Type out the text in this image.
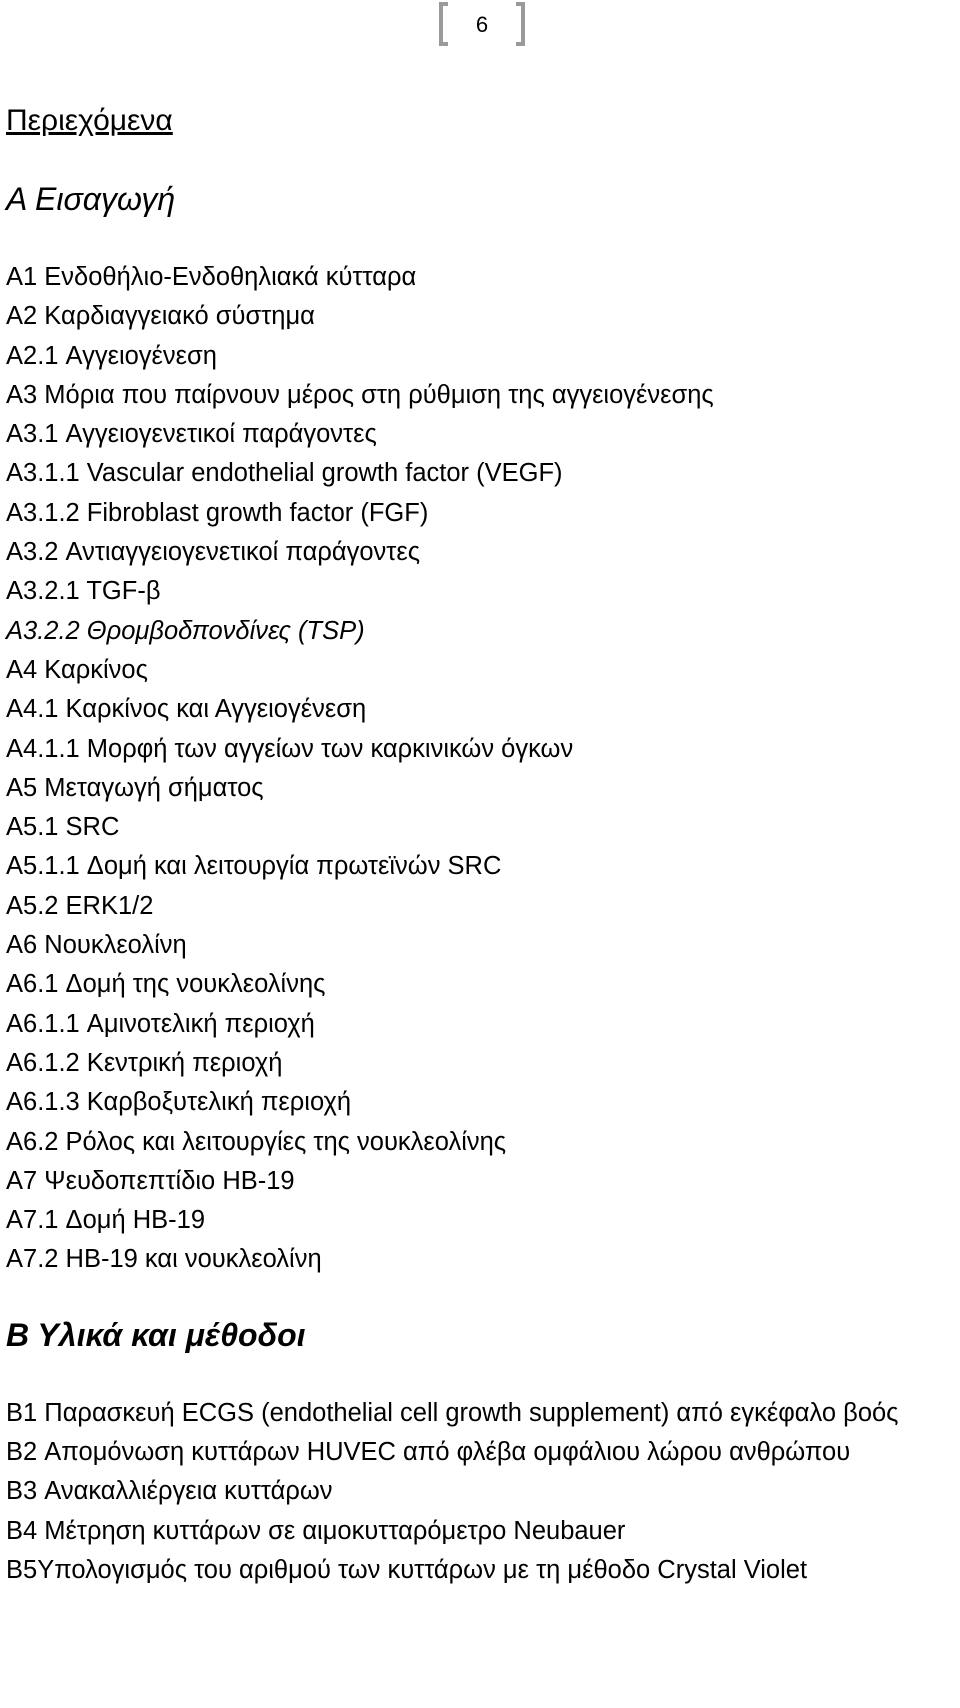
6
Περιεχόμενα
Α Εισαγωγή
A1 Ενδοθήλιο-Ενδοθηλιακά κύτταρα
A2 Καρδιαγγειακό σύστημα
A2.1 Αγγειογένεση
A3 Μόρια που παίρνουν μέρος στη ρύθμιση της αγγειογένεσης
A3.1 Αγγειογενετικοί παράγοντες
A3.1.1 Vascular endothelial growth factor (VEGF)
A3.1.2 Fibroblast growth factor (FGF)
A3.2 Αντιαγγειογενετικοί παράγοντες
A3.2.1 TGF-β
A3.2.2 Θρομβοδπονδίνες (TSP)
A4 Καρκίνος
A4.1 Καρκίνος και Αγγειογένεση
A4.1.1 Μορφή των αγγείων των καρκινικών όγκων
A5 Μεταγωγή σήματος
A5.1 SRC
A5.1.1 Δομή και λειτουργία πρωτεϊνών SRC
A5.2 ERK1/2
A6 Νουκλεολίνη
A6.1 Δομή της νουκλεολίνης
A6.1.1 Αμινοτελική περιοχή
A6.1.2 Κεντρική περιοχή
A6.1.3 Καρβοξυτελική περιοχή
A6.2 Ρόλος και λειτουργίες της νουκλεολίνης
A7 Ψευδοπεπτίδιο HB-19
A7.1 Δομή HB-19
A7.2 HB-19 και νουκλεολίνη
Β Υλικά και μέθοδοι
B1 Παρασκευή ECGS (endothelial cell growth supplement) από εγκέφαλο βοός
B2 Απομόνωση κυττάρων HUVEC από φλέβα ομφάλιου λώρου ανθρώπου
B3 Ανακαλλιέργεια κυττάρων
B4 Μέτρηση κυττάρων σε αιμοκυτταρόμετρο Neubauer
B5Υπολογισμός του αριθμού των κυττάρων με τη μέθοδο Crystal Violet
